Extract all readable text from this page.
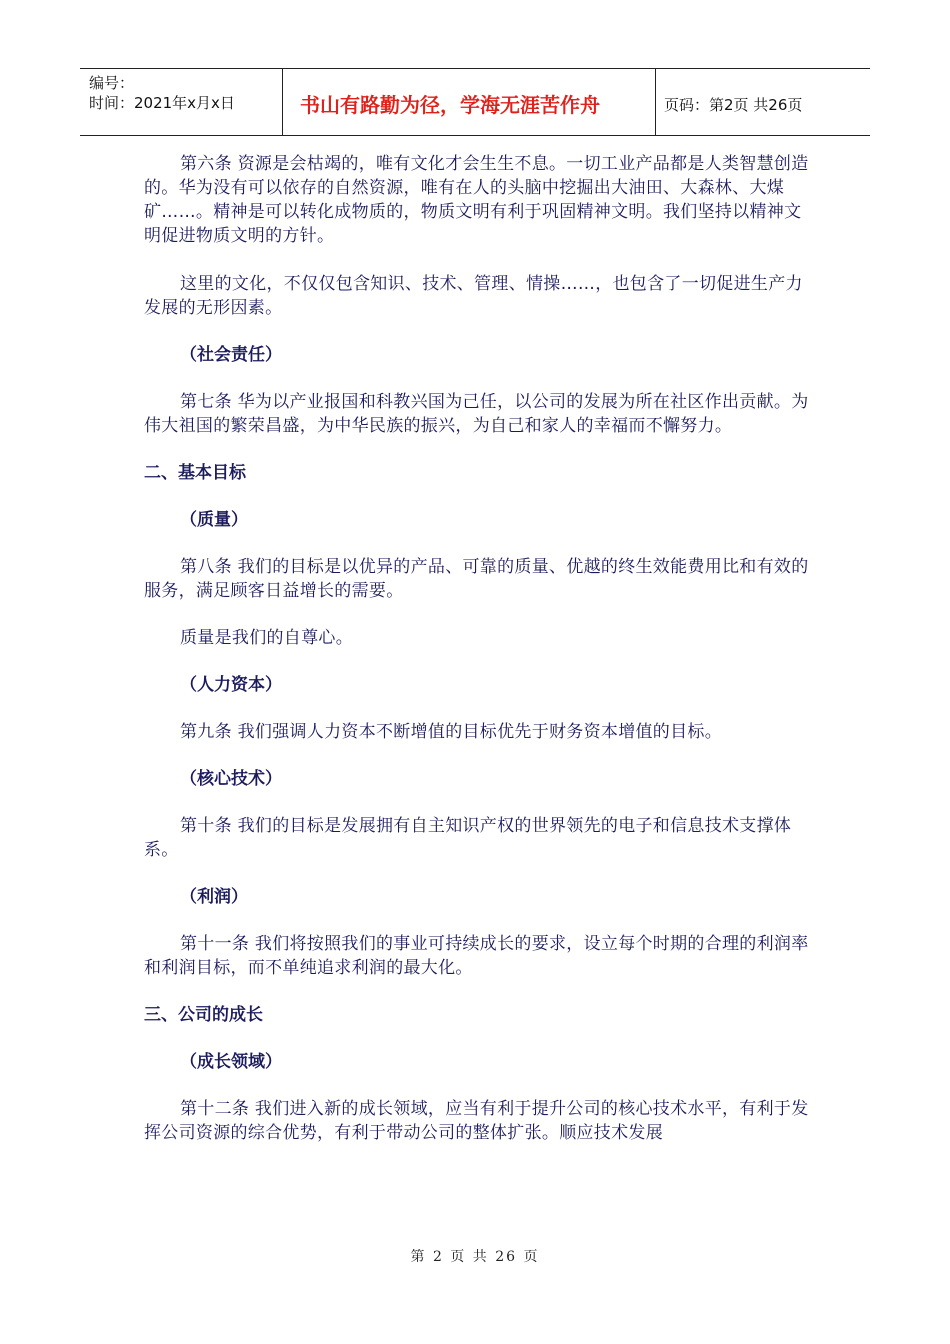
编号：
时间：2021年x月x日	书山有路勤为径，学海无涯苦作舟	页码：第2页 共26页

第六条 资源是会枯竭的，唯有文化才会生生不息。一切工业产品都是人类智慧创造的。华为没有可以依存的自然资源，唯有在人的头脑中挖掘出大油田、大森林、大煤矿……。精神是可以转化成物质的，物质文明有利于巩固精神文明。我们坚持以精神文明促进物质文明的方针。

这里的文化，不仅仅包含知识、技术、管理、情操……，也包含了一切促进生产力发展的无形因素。

（社会责任）

第七条 华为以产业报国和科教兴国为己任，以公司的发展为所在社区作出贡献。为伟大祖国的繁荣昌盛，为中华民族的振兴，为自己和家人的幸福而不懈努力。

二、基本目标

（质量）

第八条 我们的目标是以优异的产品、可靠的质量、优越的终生效能费用比和有效的服务，满足顾客日益增长的需要。

质量是我们的自尊心。

（人力资本）

第九条 我们强调人力资本不断增值的目标优先于财务资本增值的目标。

（核心技术）

第十条 我们的目标是发展拥有自主知识产权的世界领先的电子和信息技术支撑体系。

（利润）

第十一条 我们将按照我们的事业可持续成长的要求，设立每个时期的合理的利润率和利润目标，而不单纯追求利润的最大化。

三、公司的成长

（成长领域）

第十二条 我们进入新的成长领域，应当有利于提升公司的核心技术水平，有利于发挥公司资源的综合优势，有利于带动公司的整体扩张。顺应技术发展

第 2 页 共 26 页
